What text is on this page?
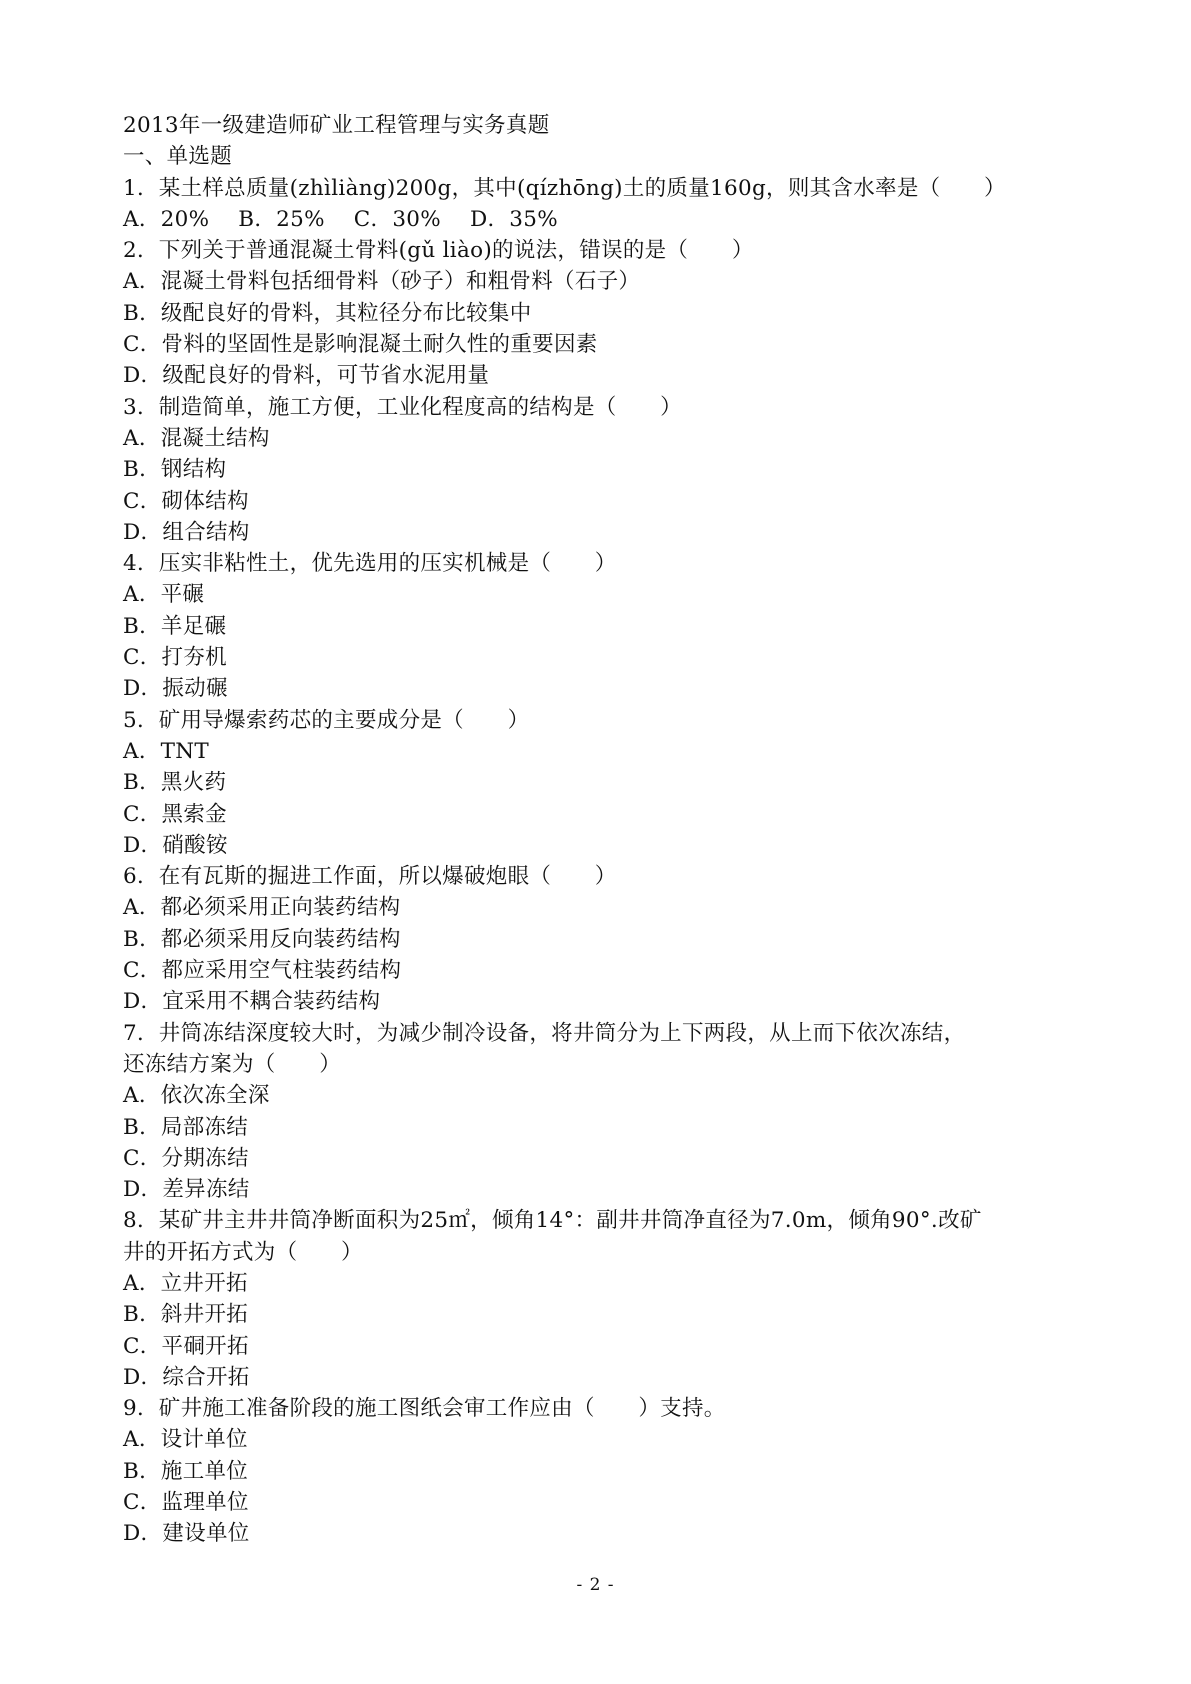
2013年一级建造师矿业工程管理与实务真题
一、单选题
1．某土样总质量(zhìliàng)200g，其中(qízhōng)土的质量160g，则其含水率是（　　）
A．20%　 B．25%　 C．30%　 D．35%
2．下列关于普通混凝土骨料(gǔ liào)的说法，错误的是（　　）
A．混凝土骨料包括细骨料（砂子）和粗骨料（石子）
B．级配良好的骨料，其粒径分布比较集中
C．骨料的坚固性是影响混凝土耐久性的重要因素
D．级配良好的骨料，可节省水泥用量
3．制造简单，施工方便，工业化程度高的结构是（　　）
A．混凝土结构
B．钢结构
C．砌体结构
D．组合结构
4．压实非粘性土，优先选用的压实机械是（　　）
A．平碾
B．羊足碾
C．打夯机
D．振动碾
5．矿用导爆索药芯的主要成分是（　　）
A．TNT
B．黑火药
C．黑索金
D．硝酸铵
6．在有瓦斯的掘进工作面，所以爆破炮眼（　　）
A．都必须采用正向装药结构
B．都必须采用反向装药结构
C．都应采用空气柱装药结构
D．宜采用不耦合装药结构
7．井筒冻结深度较大时，为减少制冷设备，将井筒分为上下两段，从上而下依次冻结，
还冻结方案为（　　）
A．依次冻全深
B．局部冻结
C．分期冻结
D．差异冻结
8．某矿井主井井筒净断面积为25㎡，倾角14°：副井井筒净直径为7.0m，倾角90°.改矿
井的开拓方式为（　　）
A．立井开拓
B．斜井开拓
C．平硐开拓
D．综合开拓
9．矿井施工准备阶段的施工图纸会审工作应由（　　）支持。
A．设计单位
B．施工单位
C．监理单位
D．建设单位
- 2 -
